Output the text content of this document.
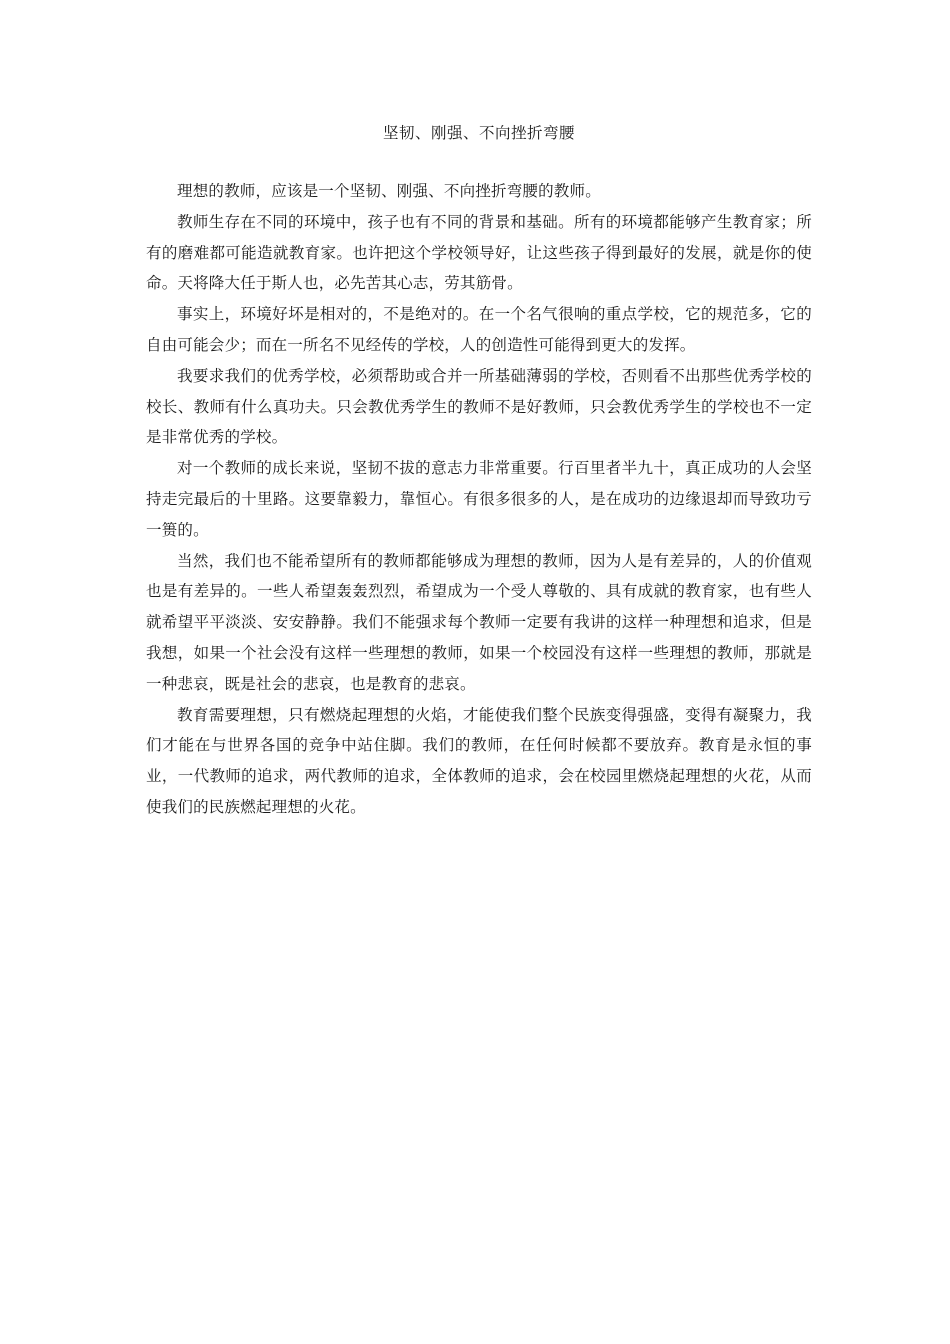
坚韧、刚强、不向挫折弯腰

理想的教师，应该是一个坚韧、刚强、不向挫折弯腰的教师。

教师生存在不同的环境中，孩子也有不同的背景和基础。所有的环境都能够产生教育家；所有的磨难都可能造就教育家。也许把这个学校领导好，让这些孩子得到最好的发展，就是你的使命。天将降大任于斯人也，必先苦其心志，劳其筋骨。

事实上，环境好坏是相对的，不是绝对的。在一个名气很响的重点学校，它的规范多，它的自由可能会少；而在一所名不见经传的学校，人的创造性可能得到更大的发挥。

我要求我们的优秀学校，必须帮助或合并一所基础薄弱的学校，否则看不出那些优秀学校的校长、教师有什么真功夫。只会教优秀学生的教师不是好教师，只会教优秀学生的学校也不一定是非常优秀的学校。

对一个教师的成长来说，坚韧不拔的意志力非常重要。行百里者半九十，真正成功的人会坚持走完最后的十里路。这要靠毅力，靠恒心。有很多很多的人，是在成功的边缘退却而导致功亏一篑的。

当然，我们也不能希望所有的教师都能够成为理想的教师，因为人是有差异的，人的价值观也是有差异的。一些人希望轰轰烈烈，希望成为一个受人尊敬的、具有成就的教育家，也有些人就希望平平淡淡、安安静静。我们不能强求每个教师一定要有我讲的这样一种理想和追求，但是我想，如果一个社会没有这样一些理想的教师，如果一个校园没有这样一些理想的教师，那就是一种悲哀，既是社会的悲哀，也是教育的悲哀。

教育需要理想，只有燃烧起理想的火焰，才能使我们整个民族变得强盛，变得有凝聚力，我们才能在与世界各国的竞争中站住脚。我们的教师，在任何时候都不要放弃。教育是永恒的事业，一代教师的追求，两代教师的追求，全体教师的追求，会在校园里燃烧起理想的火花，从而使我们的民族燃起理想的火花。
